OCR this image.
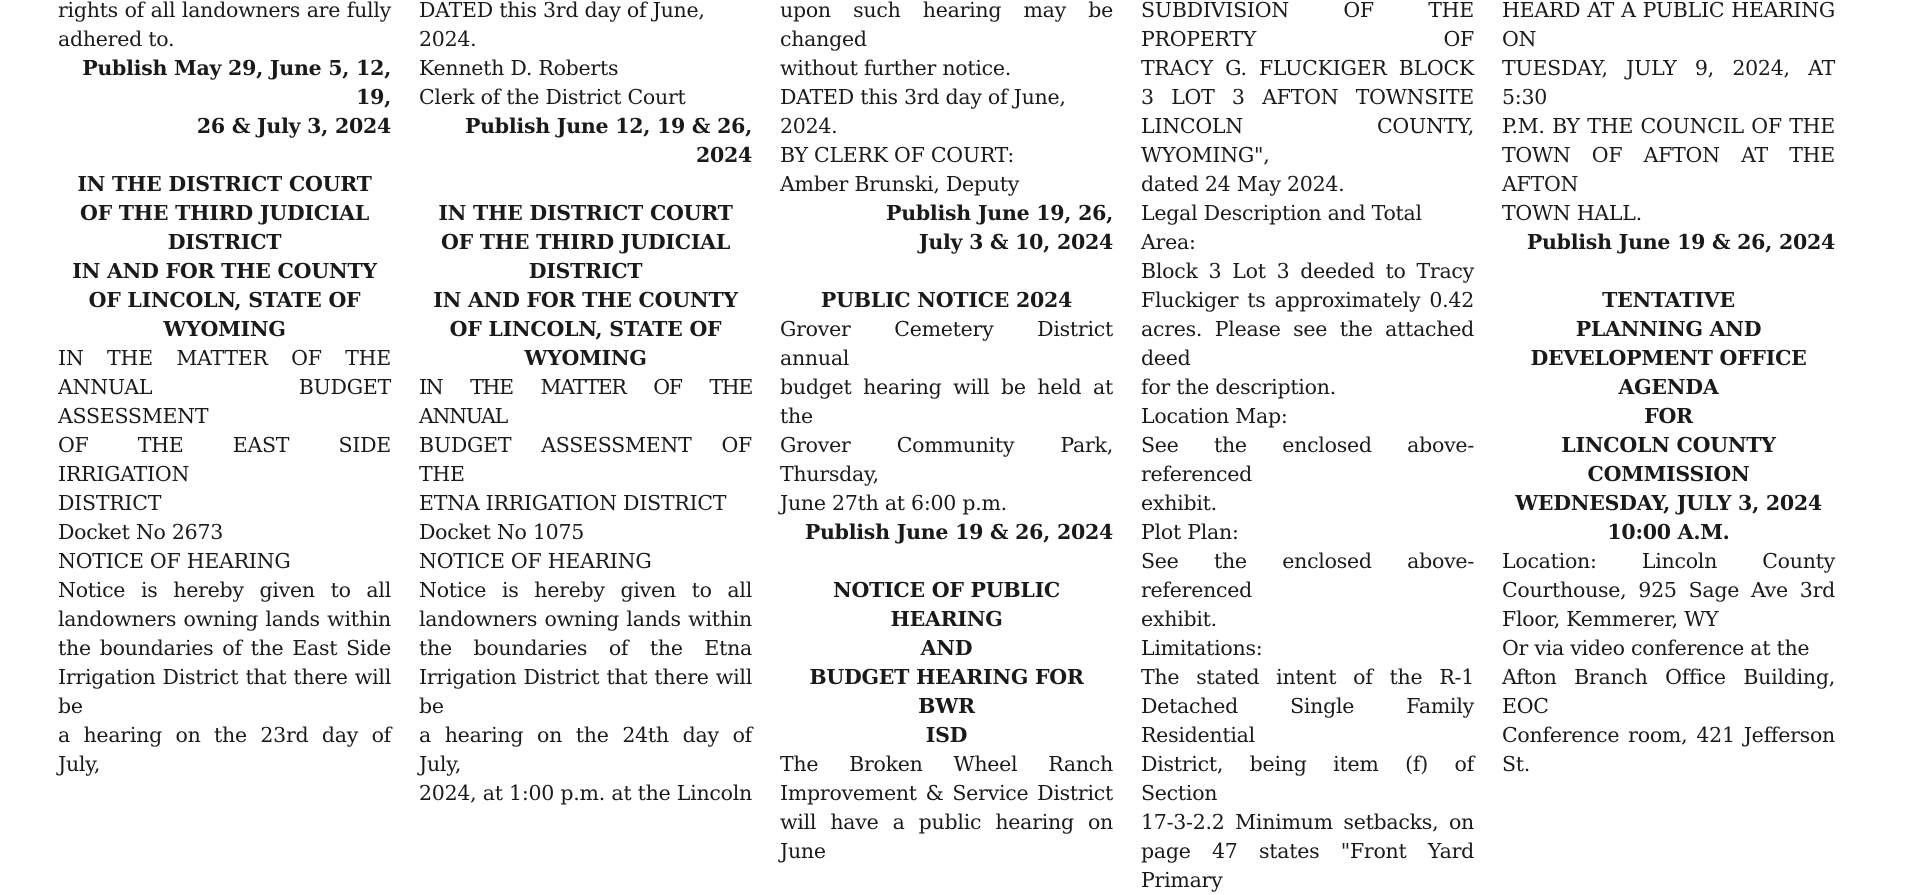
rights of all landowners are fully

adhered to.

Publish May 29, June 5, 12, 19,

26 & July 3, 2024

IN THE DISTRICT COURT

OF THE THIRD JUDICIAL

DISTRICT

IN AND FOR THE COUNTY

OF LINCOLN, STATE OF

WYOMING

IN THE MATTER OF THE

ANNUAL BUDGET ASSESSMENT

OF THE EAST SIDE IRRIGATION

DISTRICT

Docket No 2673

NOTICE OF HEARING

Notice is hereby given to all

landowners owning lands within

the boundaries of the East Side

Irrigation District that there will be

a hearing on the 23rd day of July,

DATED this 3rd day of June, 2024.

Kenneth D. Roberts

Clerk of the District Court

Publish June 12, 19 & 26, 2024

IN THE DISTRICT COURT

OF THE THIRD JUDICIAL

DISTRICT

IN AND FOR THE COUNTY

OF LINCOLN, STATE OF

WYOMING

IN THE MATTER OF THE ANNUAL

BUDGET ASSESSMENT OF THE

ETNA IRRIGATION DISTRICT

Docket No 1075

NOTICE OF HEARING

Notice is hereby given to all

landowners owning lands within

the boundaries of the Etna

Irrigation District that there will be

a hearing on the 24th day of July,

2024, at 1:00 p.m. at the Lincoln

upon such hearing may be changed

without further notice.

DATED this 3rd day of June, 2024.

BY CLERK OF COURT:

Amber Brunski, Deputy

Publish June 19, 26,

July 3 & 10, 2024

PUBLIC NOTICE 2024

Grover Cemetery District annual

budget hearing will be held at the

Grover Community Park, Thursday,

June 27th at 6:00 p.m.

Publish June 19 & 26, 2024

NOTICE OF PUBLIC HEARING

AND

BUDGET HEARING FOR BWR

ISD

The Broken Wheel Ranch

Improvement & Service District

will have a public hearing on June

SUBDIVISION OF THE PROPERTY OF

TRACY G. FLUCKIGER BLOCK

3 LOT 3 AFTON TOWNSITE

LINCOLN COUNTY, WYOMING",

dated 24 May 2024.

Legal Description and Total Area:

Block 3 Lot 3 deeded to Tracy

Fluckiger ts approximately 0.42

acres. Please see the attached deed

for the description.

Location Map:

See the enclosed above-referenced

exhibit.

Plot Plan:

See the enclosed above-referenced

exhibit.

Limitations:

The stated intent of the R-1

Detached Single Family Residential

District, being item (f) of Section

17-3-2.2 Minimum setbacks, on

page 47 states "Front Yard Primary

HEARD AT A PUBLIC HEARING ON

TUESDAY, JULY 9, 2024, AT 5:30

P.M. BY THE COUNCIL OF THE

TOWN OF AFTON AT THE AFTON

TOWN HALL.

Publish June 19 & 26, 2024

TENTATIVE

PLANNING AND

DEVELOPMENT OFFICE

AGENDA

FOR

LINCOLN COUNTY

COMMISSION

WEDNESDAY, JULY 3, 2024

10:00 A.M.

Location: Lincoln County

Courthouse, 925 Sage Ave 3rd

Floor, Kemmerer, WY

Or via video conference at the

Afton Branch Office Building, EOC

Conference room, 421 Jefferson St.
